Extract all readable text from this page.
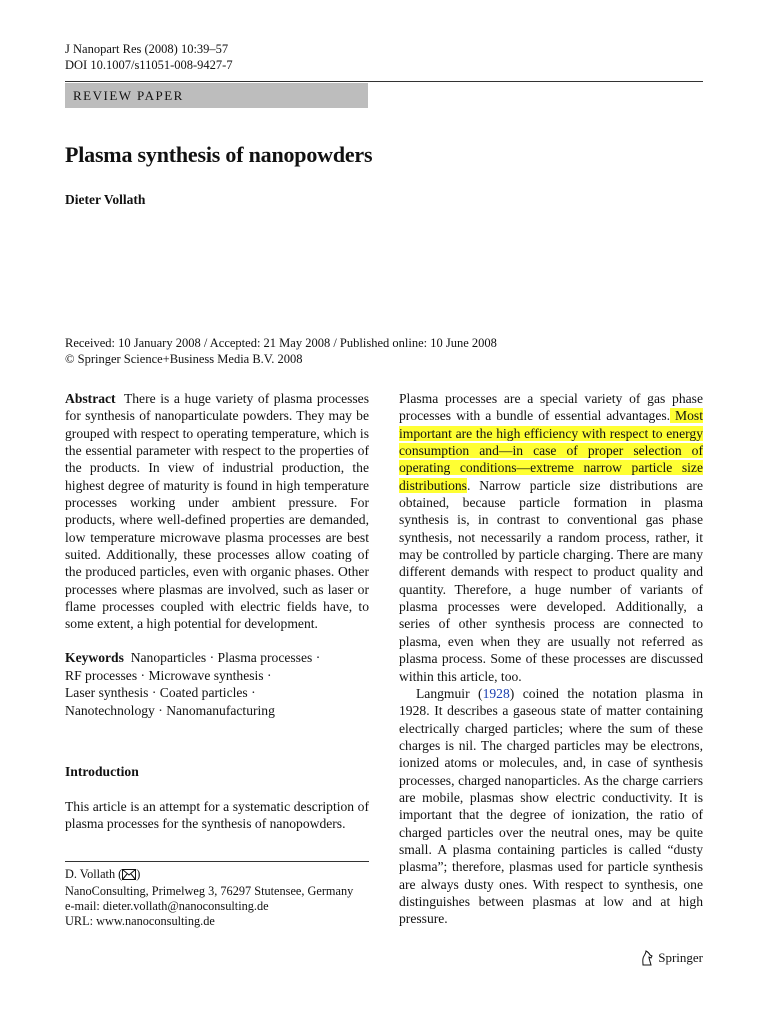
J Nanopart Res (2008) 10:39–57
DOI 10.1007/s11051-008-9427-7
REVIEW PAPER
Plasma synthesis of nanopowders
Dieter Vollath
Received: 10 January 2008 / Accepted: 21 May 2008 / Published online: 10 June 2008
© Springer Science+Business Media B.V. 2008

Abstract There is a huge variety of plasma processes for synthesis of nanoparticulate powders. They may be grouped with respect to operating temperature, which is the essential parameter with respect to the properties of the products. In view of industrial production, the highest degree of maturity is found in high temperature processes working under ambient pressure. For products, where well-defined properties are demanded, low temperature microwave plasma processes are best suited. Additionally, these processes allow coating of the produced particles, even with organic phases. Other processes where plasmas are involved, such as laser or flame processes coupled with electric fields have, to some extent, a high potential for development.

Keywords Nanoparticles · Plasma processes ·
RF processes · Microwave synthesis ·
Laser synthesis · Coated particles ·
Nanotechnology · Nanomanufacturing
Introduction

This article is an attempt for a systematic description of plasma processes for the synthesis of nanopowders.

D. Vollath ( )
NanoConsulting, Primelweg 3, 76297 Stutensee, Germany
e-mail: dieter.vollath@nanoconsulting.de
URL: www.nanoconsulting.de

Plasma processes are a special variety of gas phase processes with a bundle of essential advantages. Most important are the high efficiency with respect to energy consumption and—in case of proper selection of operating conditions—extreme narrow particle size distributions. Narrow particle size distributions are obtained, because particle formation in plasma synthesis is, in contrast to conventional gas phase synthesis, not necessarily a random process, rather, it may be controlled by particle charging. There are many different demands with respect to product quality and quantity. Therefore, a huge number of variants of plasma processes were developed. Additionally, a series of other synthesis process are connected to plasma, even when they are usually not referred as plasma process. Some of these processes are discussed within this article, too.

Langmuir (1928) coined the notation plasma in 1928. It describes a gaseous state of matter containing electrically charged particles; where the sum of these charges is nil. The charged particles may be electrons, ionized atoms or molecules, and, in case of synthesis processes, charged nanoparticles. As the charge carriers are mobile, plasmas show electric conductivity. It is important that the degree of ionization, the ratio of charged particles over the neutral ones, may be quite small. A plasma containing particles is called “dusty plasma”; therefore, plasmas used for particle synthesis are always dusty ones. With respect to synthesis, one distinguishes between plasmas at low and at high pressure.

Springer
